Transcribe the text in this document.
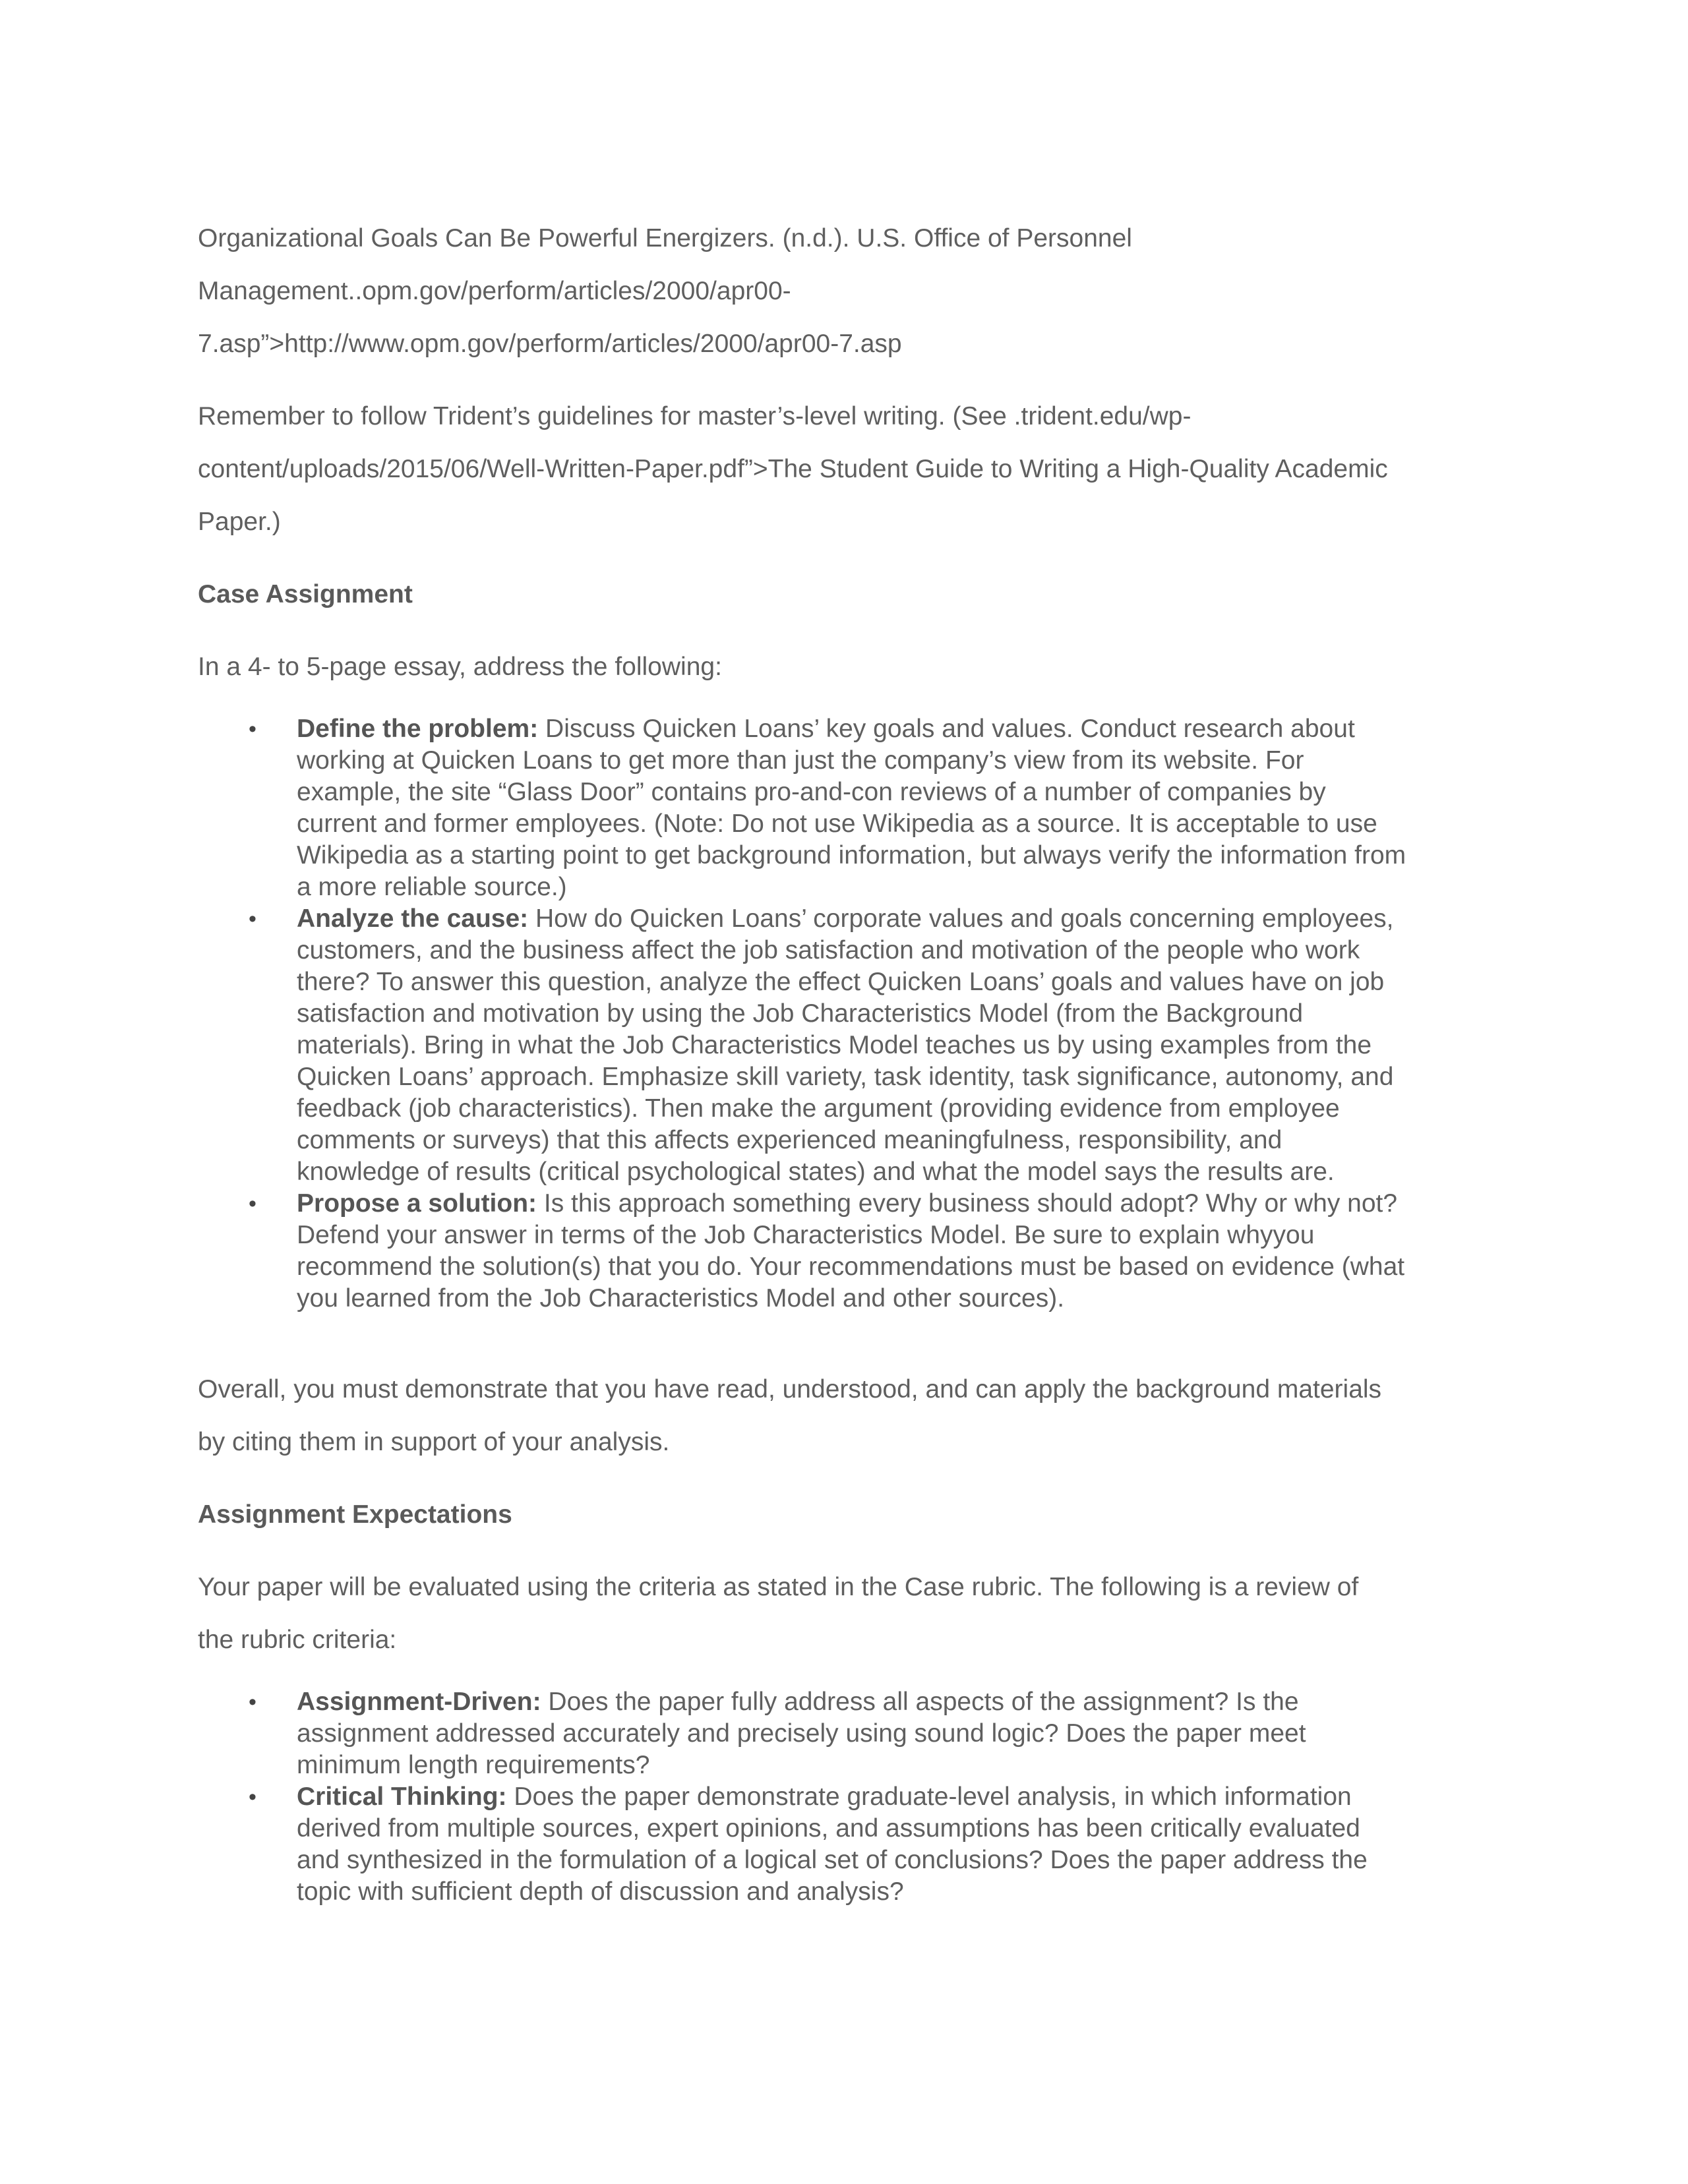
Organizational Goals Can Be Powerful Energizers. (n.d.). U.S. Office of Personnel
Management..opm.gov/perform/articles/2000/apr00-
7.asp”>http://www.opm.gov/perform/articles/2000/apr00-7.asp

Remember to follow Trident’s guidelines for master’s-level writing. (See .trident.edu/wp-
content/uploads/2015/06/Well-Written-Paper.pdf”>The Student Guide to Writing a High-Quality Academic
Paper.)

Case Assignment

In a 4- to 5-page essay, address the following:

• Define the problem: Discuss Quicken Loans’ key goals and values. Conduct research about
working at Quicken Loans to get more than just the company’s view from its website. For
example, the site “Glass Door” contains pro-and-con reviews of a number of companies by
current and former employees. (Note: Do not use Wikipedia as a source. It is acceptable to use
Wikipedia as a starting point to get background information, but always verify the information from
a more reliable source.)
• Analyze the cause: How do Quicken Loans’ corporate values and goals concerning employees,
customers, and the business affect the job satisfaction and motivation of the people who work
there? To answer this question, analyze the effect Quicken Loans’ goals and values have on job
satisfaction and motivation by using the Job Characteristics Model (from the Background
materials). Bring in what the Job Characteristics Model teaches us by using examples from the
Quicken Loans’ approach. Emphasize skill variety, task identity, task significance, autonomy, and
feedback (job characteristics). Then make the argument (providing evidence from employee
comments or surveys) that this affects experienced meaningfulness, responsibility, and
knowledge of results (critical psychological states) and what the model says the results are.
• Propose a solution: Is this approach something every business should adopt? Why or why not?
Defend your answer in terms of the Job Characteristics Model. Be sure to explain whyyou
recommend the solution(s) that you do. Your recommendations must be based on evidence (what
you learned from the Job Characteristics Model and other sources).

Overall, you must demonstrate that you have read, understood, and can apply the background materials
by citing them in support of your analysis.

Assignment Expectations

Your paper will be evaluated using the criteria as stated in the Case rubric. The following is a review of
the rubric criteria:

• Assignment-Driven: Does the paper fully address all aspects of the assignment? Is the
assignment addressed accurately and precisely using sound logic? Does the paper meet
minimum length requirements?
• Critical Thinking: Does the paper demonstrate graduate-level analysis, in which information
derived from multiple sources, expert opinions, and assumptions has been critically evaluated
and synthesized in the formulation of a logical set of conclusions? Does the paper address the
topic with sufficient depth of discussion and analysis?
